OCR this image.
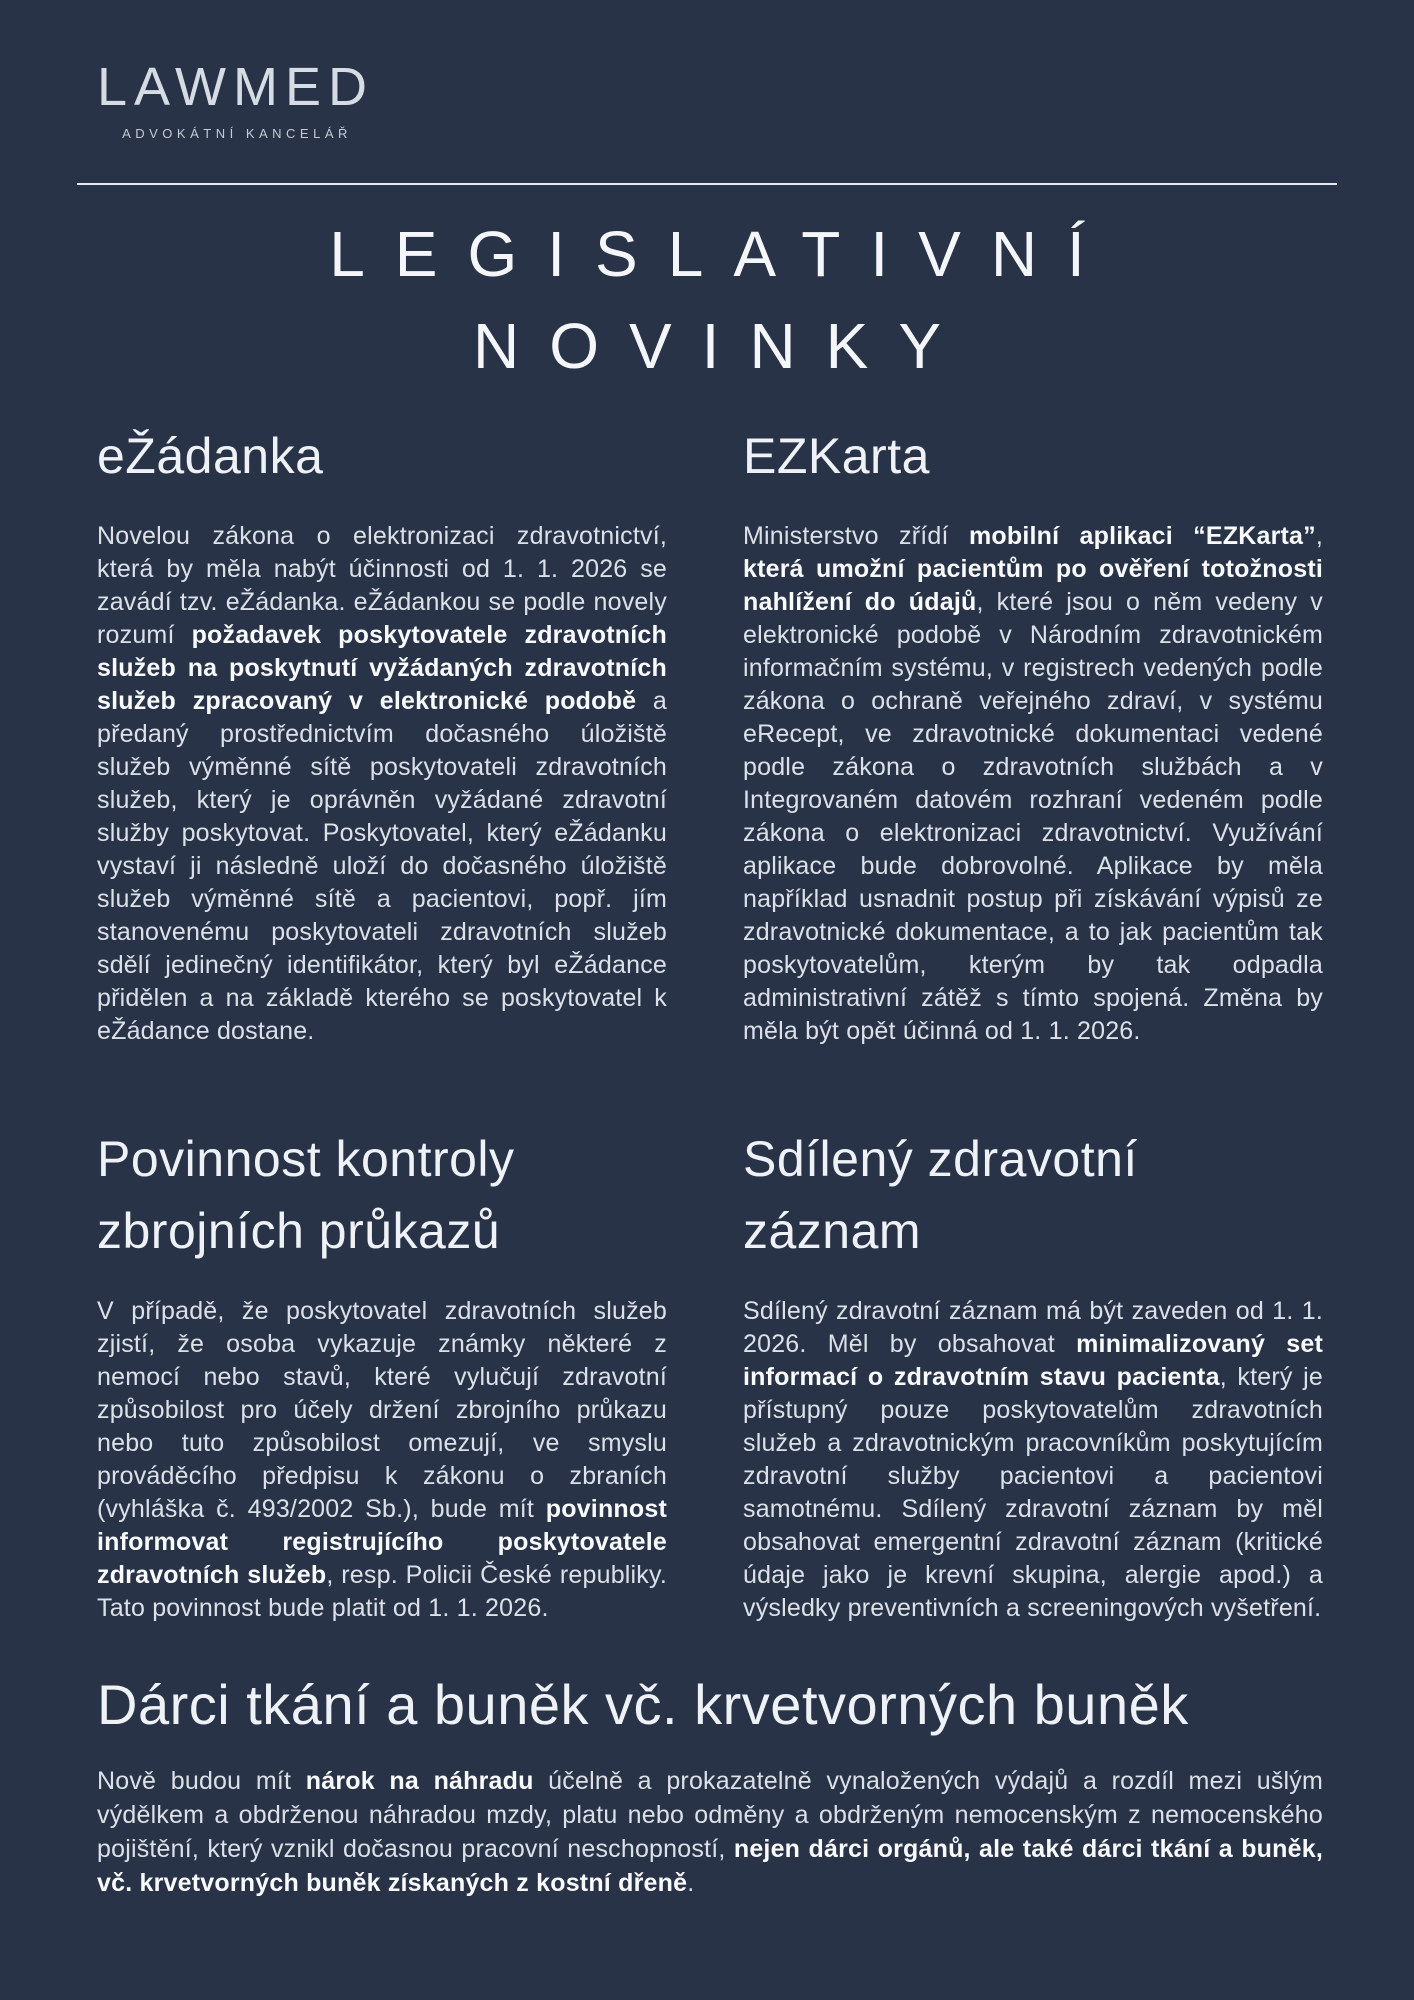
LAWMED
ADVOKÁTNÍ KANCELÁŘ
LEGISLATIVNÍ
NOVINKY
eŽádanka

Novelou zákona o elektronizaci zdravotnictví, která by měla nabýt účinnosti od 1. 1. 2026 se zavádí tzv. eŽádanka. eŽádankou se podle novely rozumí požadavek poskytovatele zdravotních služeb na poskytnutí vyžádaných zdravotních služeb zpracovaný v elektronické podobě a předaný prostřednictvím dočasného úložiště služeb výměnné sítě poskytovateli zdravotních služeb, který je oprávněn vyžádané zdravotní služby poskytovat. Poskytovatel, který eŽádanku vystaví ji následně uloží do dočasného úložiště služeb výměnné sítě a pacientovi, popř. jím stanovenému poskytovateli zdravotních služeb sdělí jedinečný identifikátor, který byl eŽádance přidělen a na základě kterého se poskytovatel k eŽádance dostane.

EZKarta

Ministerstvo zřídí mobilní aplikaci “EZKarta”, která umožní pacientům po ověření totožnosti nahlížení do údajů, které jsou o něm vedeny v elektronické podobě v Národním zdravotnickém informačním systému, v registrech vedených podle zákona o ochraně veřejného zdraví, v systému eRecept, ve zdravotnické dokumentaci vedené podle zákona o zdravotních službách a v Integrovaném datovém rozhraní vedeném podle zákona o elektronizaci zdravotnictví. Využívání aplikace bude dobrovolné. Aplikace by měla například usnadnit postup při získávání výpisů ze zdravotnické dokumentace, a to jak pacientům tak poskytovatelům, kterým by tak odpadla administrativní zátěž s tímto spojená. Změna by měla být opět účinná od 1. 1. 2026.

Povinnost kontroly zbrojních průkazů

V případě, že poskytovatel zdravotních služeb zjistí, že osoba vykazuje známky některé z nemocí nebo stavů, které vylučují zdravotní způsobilost pro účely držení zbrojního průkazu nebo tuto způsobilost omezují, ve smyslu prováděcího předpisu k zákonu o zbraních (vyhláška č. 493/2002 Sb.), bude mít povinnost informovat registrujícího poskytovatele zdravotních služeb, resp. Policii České republiky. Tato povinnost bude platit od 1. 1. 2026.

Sdílený zdravotní záznam

Sdílený zdravotní záznam má být zaveden od 1. 1. 2026. Měl by obsahovat minimalizovaný set informací o zdravotním stavu pacienta, který je přístupný pouze poskytovatelům zdravotních služeb a zdravotnickým pracovníkům poskytujícím zdravotní služby pacientovi a pacientovi samotnému. Sdílený zdravotní záznam by měl obsahovat emergentní zdravotní záznam (kritické údaje jako je krevní skupina, alergie apod.) a výsledky preventivních a screeningových vyšetření.

Dárci tkání a buněk vč. krvetvorných buněk

Nově budou mít nárok na náhradu účelně a prokazatelně vynaložených výdajů a rozdíl mezi ušlým výdělkem a obdrženou náhradou mzdy, platu nebo odměny a obdrženým nemocenským z nemocenského pojištění, který vznikl dočasnou pracovní neschopností, nejen dárci orgánů, ale také dárci tkání a buněk, vč. krvetvorných buněk získaných z kostní dřeně.
